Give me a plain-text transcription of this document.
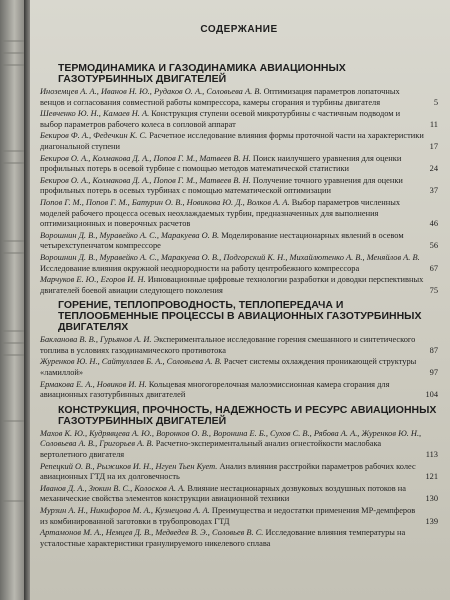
СОДЕРЖАНИЕ
ТЕРМОДИНАМИКА И ГАЗОДИНАМИКА АВИАЦИОННЫХ ГАЗОТУРБИННЫХ ДВИГАТЕЛЕЙ
Иноземцев А. А., Иванов Н. Ю., Рудаков О. А., Соловьева А. В. Оптимизация параметров лопаточных венцов и согласования совместной работы компрессора, камеры сгорания и турбины двигателя	5
Шевченко Ю. Н., Камаев Н. А. Конструкция ступени осевой микротурбины с частичным подводом и выбор параметров рабочего колеса в сопловой аппарат	11
Бекиров Ф. А., Федечкин К. С. Расчетное исследование влияния формы проточной части на характеристики диагональной ступени	17
Бекиров О. А., Колмакова Д. А., Попов Г. М., Матвеев В. Н. Поиск наилучшего уравнения для оценки профильных потерь в осевой турбине с помощью методов математической статистики	24
Бекиров О. А., Колмакова Д. А., Попов Г. М., Матвеев В. Н. Получение точного уравнения для оценки профильных потерь в осевых турбинах с помощью математической оптимизации	37
Попов Г. М., Попов Г. М., Батурин О. В., Новикова Ю. Д., Волков А. А. Выбор параметров численных моделей рабочего процесса осевых неохлаждаемых турбин, предназначенных для выполнения оптимизационных и поверочных расчетов	46
Ворошнин Д. В., Муравейко А. С., Маракуева О. В. Моделирование нестационарных явлений в осевом четырехступенчатом компрессоре	56
Ворошнин Д. В., Муравейко А. С., Маракуева О. В., Подгорский К. Н., Михайлютенко А. В., Меняйлов А. В. Исследование влияния окружной неоднородности на работу центробежного компрессора	67
Марчуков Е. Ю., Егоров И. Н. Инновационные цифровые технологии разработки и доводки перспективных двигателей боевой авиации следующего поколения	75
ГОРЕНИЕ, ТЕПЛОПРОВОДНОСТЬ, ТЕПЛОПЕРЕДАЧА И ТЕПЛООБМЕННЫЕ ПРОЦЕССЫ В АВИАЦИОННЫХ ГАЗОТУРБИННЫХ ДВИГАТЕЛЯХ
Бакланова В. В., Гурьянов А. И. Экспериментальное исследование горения смешанного и синтетического топлива в условиях газодинамического противотока	87
Журенков Ю. Н., Сайтуллаев Б. А., Соловьева А. В. Расчет системы охлаждения проникающей структуры «ламиллой»	97
Ермакова Е. А., Новиков И. Н. Кольцевая многогорелочная малоэмиссионная камера сгорания для авиационных газотурбинных двигателей	104
КОНСТРУКЦИЯ, ПРОЧНОСТЬ, НАДЕЖНОСТЬ И РЕСУРС АВИАЦИОННЫХ ГАЗОТУРБИННЫХ ДВИГАТЕЛЕЙ
Махов К. Ю., Кудрявцева А. Ю., Воронков О. В., Воронина Е. Б., Сухов С. В., Рябова А. А., Журенков Ю. Н., Соловьева А. В., Григорьев А. В. Расчетно-экспериментальный анализ огнестойкости маслобака вертолетного двигателя	113
Репецкий О. В., Рыжиков И. Н., Нгуен Тьен Кует. Анализ влияния расстройки параметров рабочих колес авиационных ГТД на их долговечность	121
Иванов Д. А., Зюкин В. С., Колосков А. А. Влияние нестационарных дозвуковых воздушных потоков на механические свойства элементов конструкции авиационной техники	130
Мурзин А. Н., Никифоров М. А., Кузнецова А. А. Преимущества и недостатки применения МР-демпферов из комбинированной заготовки в трубопроводах ГТД	139
Артамонов М. А., Немцев Д. В., Медведев В. Э., Соловьев В. С. Исследование влияния температуры на усталостные характеристики гранулируемого никелевого сплава
